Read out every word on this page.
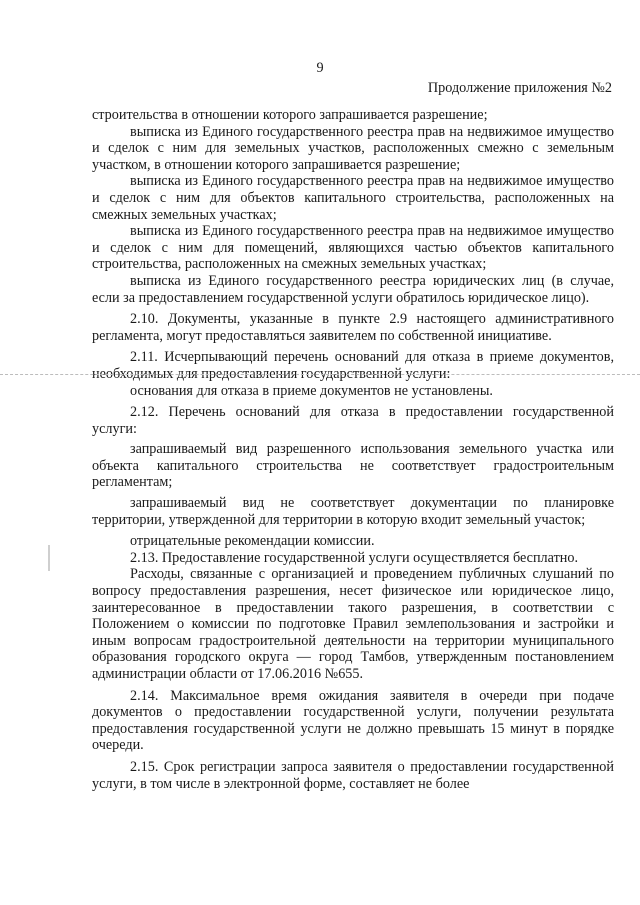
9
Продолжение приложения №2

строительства в отношении которого запрашивается разрешение;

выписка из Единого государственного реестра прав на недвижимое имущество и сделок с ним для земельных участков, расположенных смежно с земельным участком, в отношении которого запрашивается разрешение;

выписка из Единого государственного реестра прав на недвижимое имущество и сделок с ним для объектов капитального строительства, расположенных на смежных земельных участках;

выписка из Единого государственного реестра прав на недвижимое имущество и сделок с ним для помещений, являющихся частью объектов капитального строительства, расположенных на смежных земельных участках;

выписка из Единого государственного реестра юридических лиц (в случае, если за предоставлением государственной услуги обратилось юридическое лицо).

2.10. Документы, указанные в пункте 2.9 настоящего административного регламента, могут предоставляться заявителем по собственной инициативе.

2.11. Исчерпывающий перечень оснований для отказа в приеме документов, необходимых для предоставления государственной услуги:

основания для отказа в приеме документов не установлены.

2.12. Перечень оснований для отказа в предоставлении государственной услуги:

запрашиваемый вид разрешенного использования земельного участка или объекта капитального строительства не соответствует градостроительным регламентам;

запрашиваемый вид не соответствует документации по планировке территории, утвержденной для территории в которую входит земельный участок;

отрицательные рекомендации комиссии.

2.13. Предоставление государственной услуги осуществляется бесплатно.

Расходы, связанные с организацией и проведением публичных слушаний по вопросу предоставления разрешения, несет физическое или юридическое лицо, заинтересованное в предоставлении такого разрешения, в соответствии с Положением о комиссии по подготовке Правил землепользования и застройки и иным вопросам градостроительной деятельности на территории муниципального образования городского округа — город Тамбов, утвержденным постановлением администрации области от 17.06.2016 №655.

2.14. Максимальное время ожидания заявителя в очереди при подаче документов о предоставлении государственной услуги, получении результата предоставления государственной услуги не должно превышать 15 минут в порядке очереди.

2.15. Срок регистрации запроса заявителя о предоставлении государственной услуги, в том числе в электронной форме, составляет не более
